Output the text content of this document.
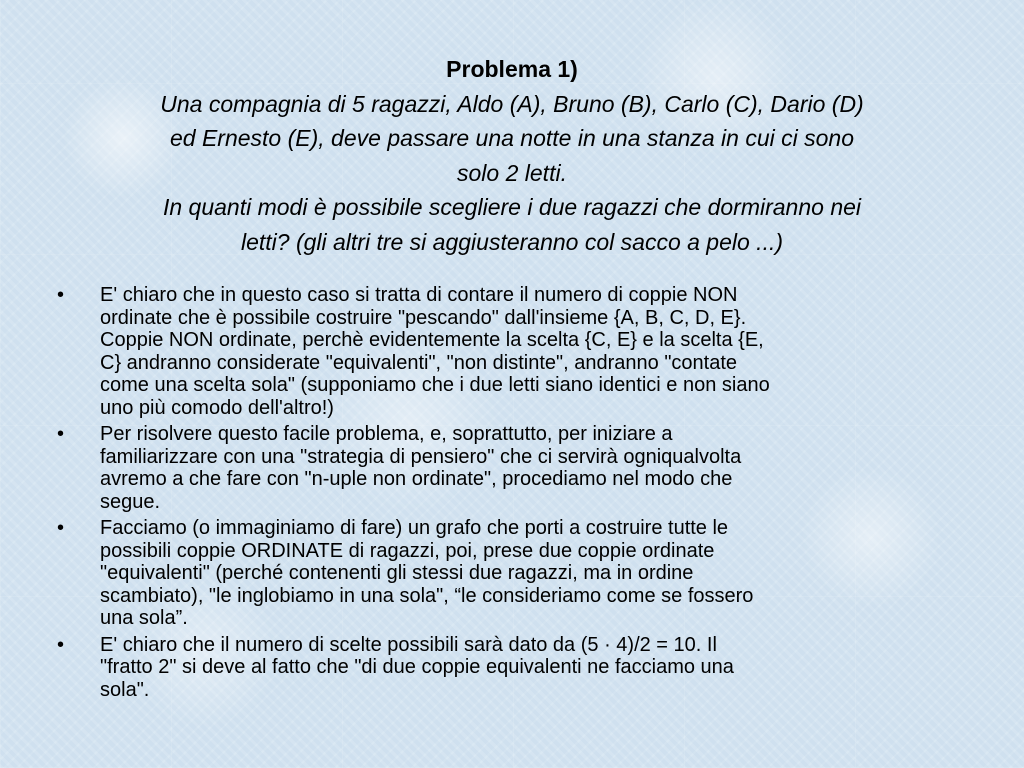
Problema 1)
Una compagnia di 5 ragazzi, Aldo (A), Bruno (B), Carlo (C), Dario (D)
ed Ernesto (E), deve passare una notte in una stanza in cui ci sono
solo 2 letti.
In quanti modi è possibile scegliere i due ragazzi che dormiranno nei
letti? (gli altri tre si aggiusteranno col sacco a pelo ...)
•	E' chiaro che in questo caso si tratta di contare il numero di coppie NON
ordinate che è possibile costruire "pescando" dall'insieme {A, B, C, D, E}.
Coppie NON ordinate, perchè evidentemente la scelta {C, E} e la scelta {E,
C} andranno considerate "equivalenti", "non distinte", andranno "contate
come una scelta sola" (supponiamo che i due letti siano identici e non siano
uno più comodo dell'altro!)
•	Per risolvere questo facile problema, e, soprattutto, per iniziare a
familiarizzare con una "strategia di pensiero" che ci servirà ogniqualvolta
avremo a che fare con "n-uple non ordinate", procediamo nel modo che
segue.
•	Facciamo (o immaginiamo di fare) un grafo che porti a costruire tutte le
possibili coppie ORDINATE di ragazzi, poi, prese due coppie ordinate
"equivalenti" (perché contenenti gli stessi due ragazzi, ma in ordine
scambiato), "le inglobiamo in una sola", “le consideriamo come se fossero
una sola”.
•	E' chiaro che il numero di scelte possibili sarà dato da (5 · 4)/2 = 10. Il
"fratto 2" si deve al fatto che "di due coppie equivalenti ne facciamo una
sola".
